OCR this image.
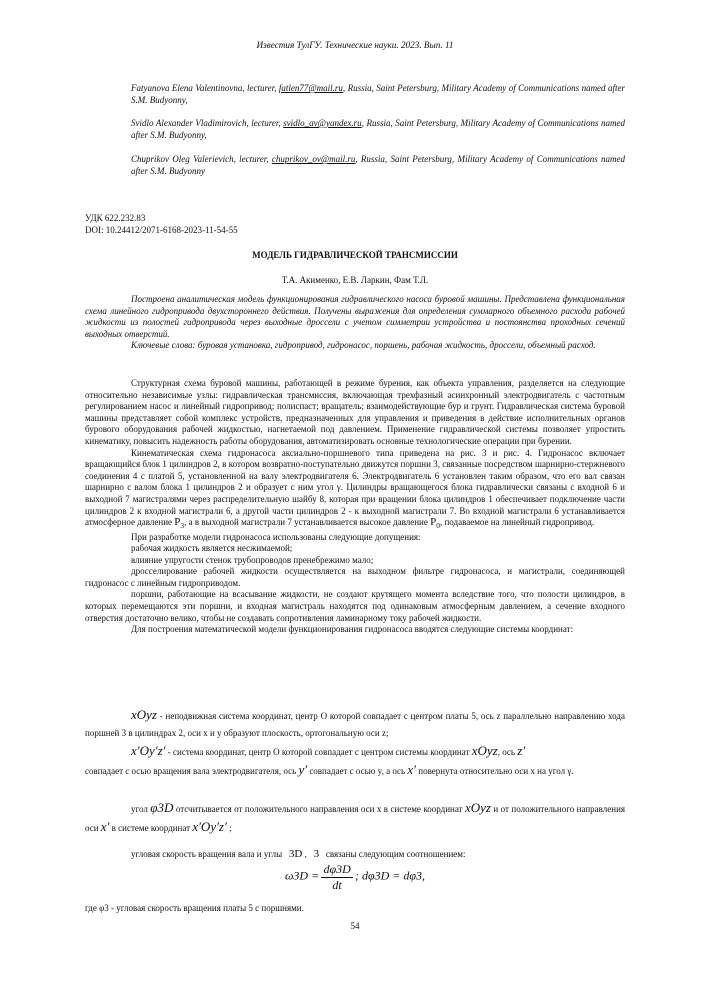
Известия ТулГУ. Технические науки. 2023. Вып. 11
Fatyanova Elena Valentinovna, lecturer, fatlen77@mail.ru, Russia, Saint Petersburg, Military Academy of Communications named after S.M. Budyonny,
Svidlo Alexander Vladimirovich, lecturer, svidlo_av@yandex.ru, Russia, Saint Petersburg, Military Academy of Communications named after S.M. Budyonny,
Chuprikov Oleg Valerievich, lecturer, chuprikov_ov@mail.ru, Russia, Saint Petersburg, Military Academy of Communications named after S.M. Budyonny
УДК 622.232.83
DOI: 10.24412/2071-6168-2023-11-54-55
МОДЕЛЬ ГИДРАВЛИЧЕСКОЙ ТРАНСМИССИИ
Т.А. Акименко, Е.В. Ларкин, Фам Т.Л.

Построена аналитическая модель функционирования гидравлического насоса буровой машины. Представлена функциональная схема линейного гидропривода двухстороннего действия. Получены выражения для определения суммарного объемного расхода рабочей жидкости из полостей гидропривода через выходные дроссели с учетом симметрии устройства и постоянства проходных сечений выходных отверстий.

Ключевые слова: буровая установка, гидропривод, гидронасос, поршень, рабочая жидкость, дроссели, объемный расход.

Структурная схема буровой машины, работающей в режиме бурения, как объекта управления, разделяется на следующие относительно независимые узлы: гидравлическая трансмиссия, включающая трехфазный асинхронный электродвигатель с частотным регулированием насос и линейный гидропривод; полиспаст; вращатель; взаимодействующие бур и грунт. Гидравлическая система буровой машины представляет собой комплекс устройств, предназначенных для управления и приведения в действие исполнительных органов бурового оборудования рабочей жидкостью, нагнетаемой под давлением. Применение гидравлической системы позволяет упростить кинематику, повысить надежность работы оборудования, автоматизировать основные технологические операции при бурении.

Кинематическая схема гидронасоса аксиально-поршневого типа приведена на рис. 3 и рис. 4. Гидронасос включает вращающийся блок 1 цилиндров 2, в котором возвратно-поступательно движутся поршни 3, связанные посредством шарнирно-стержневого соединения 4 с платой 5, установленной на валу электродвигателя 6. Электродвигатель 6 установлен таким образом, что его вал связан шарнирно с валом блока 1 цилиндров 2 и образует с ним угол γ. Цилиндры вращающегося блока гидравлически связаны с входной 6 и выходной 7 магистралями через распределительную шайбу 8, которая при вращении блока цилиндров 1 обеспечивает подключение части цилиндров 2 к входной магистрали 6, а другой части цилиндров 2 - к выходной магистрали 7. Во входной магистрали 6 устанавливается атмосферное давление $P_3$, а в выходной магистрали 7 устанавливается высокое давление $P_0$, подаваемое на линейный гидропривод.

При разработке модели гидронасоса использованы следующие допущения:

рабочая жидкость является несжимаемой;

влияние упругости стенок трубопроводов пренебрежимо мало;

дросселирование рабочей жидкости осуществляется на выходном фильтре гидронасоса, и магистрали, соединяющей гидронасос с линейным гидроприводом.

поршни, работающие на всасывание жидкости, не создают крутящего момента вследствие того, что полости цилиндров, в которых перемещаются эти поршни, и входная магистраль находятся под одинаковым атмосферным давлением, а сечение входного отверстия достаточно велико, чтобы не создавать сопротивления ламинарному току рабочей жидкости.

Для построения математической модели функционирования гидронасоса вводятся следующие системы координат:

xOyz - неподвижная система координат, центр O которой совпадает с центром платы 5, ось z параллельно направлению хода поршней 3 в цилиндрах 2, оси x и y образуют плоскость, ортогональную оси z;
x′Oy′z′ - система координат, центр O которой совпадает с центром системы координат xOyz, ось z′
совпадает с осью вращения вала электродвигателя, ось y′ совпадает с осью y, а ось x′ повернута относительно оси x на угол γ.
угол φ3D отсчитывается от положительного направления оси x в системе координат xOyz и от положительного направления оси x′ в системе координат x′Oy′z′ ;
угловая скорость вращения вала и углы 3D ,   3 связаны следующим соотношением:
$\omega 3D = \frac{d\varphi 3D}{dt}$ ; dφ3D = dφ3,
где φ3 - угловая скорость вращения платы 5 с поршнями.
54
